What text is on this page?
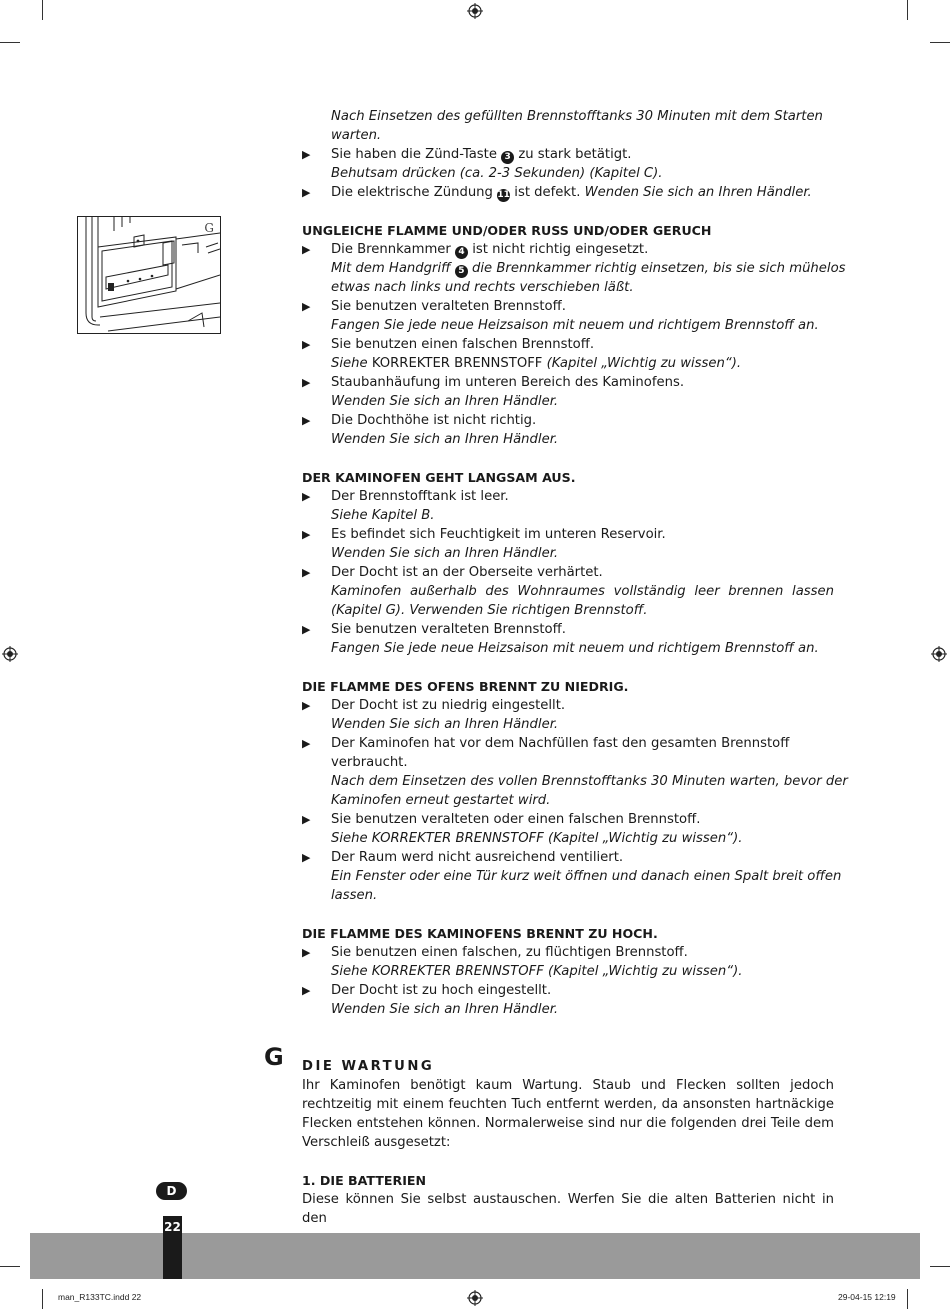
G
G
Nach Einsetzen des gefüllten Brennstofftanks 30 Minuten mit dem Starten
warten.
▶ Sie haben die Zünd-Taste 3 zu stark betätigt.
Behutsam drücken (ca. 2-3 Sekunden) (Kapitel C).
▶ Die elektrische Zündung 11 ist defekt. Wenden Sie sich an Ihren Händler.
UNGLEICHE FLAMME UND/ODER RUSS UND/ODER GERUCH
▶ Die Brennkammer 4 ist nicht richtig eingesetzt.
Mit dem Handgriff 5 die Brennkammer richtig einsetzen, bis sie sich mühelos
etwas nach links und rechts verschieben läßt.
▶ Sie benutzen veralteten Brennstoff.
Fangen Sie jede neue Heizsaison mit neuem und richtigem Brennstoff an.
▶ Sie benutzen einen falschen Brennstoff.
Siehe KORREKTER BRENNSTOFF (Kapitel „Wichtig zu wissen“).
▶ Staubanhäufung im unteren Bereich des Kaminofens.
Wenden Sie sich an Ihren Händler.
▶ Die Dochthöhe ist nicht richtig.
Wenden Sie sich an Ihren Händler.
DER KAMINOFEN GEHT LANGSAM AUS.
▶ Der Brennstofftank ist leer.
Siehe Kapitel B.
▶ Es befindet sich Feuchtigkeit im unteren Reservoir.
Wenden Sie sich an Ihren Händler.
▶ Der Docht ist an der Oberseite verhärtet.
Kaminofen außerhalb des Wohnraumes vollständig leer brennen lassen
(Kapitel G). Verwenden Sie richtigen Brennstoff.
▶ Sie benutzen veralteten Brennstoff.
Fangen Sie jede neue Heizsaison mit neuem und richtigem Brennstoff an.
DIE FLAMME DES OFENS BRENNT ZU NIEDRIG.
▶ Der Docht ist zu niedrig eingestellt.
Wenden Sie sich an Ihren Händler.
▶ Der Kaminofen hat vor dem Nachfüllen fast den gesamten Brennstoff
verbraucht.
Nach dem Einsetzen des vollen Brennstofftanks 30 Minuten warten, bevor der
Kaminofen erneut gestartet wird.
▶ Sie benutzen veralteten oder einen falschen Brennstoff.
Siehe KORREKTER BRENNSTOFF (Kapitel „Wichtig zu wissen“).
▶ Der Raum werd nicht ausreichend ventiliert.
Ein Fenster oder eine Tür kurz weit öffnen und danach einen Spalt breit offen
lassen.
DIE FLAMME DES KAMINOFENS BRENNT ZU HOCH.
▶ Sie benutzen einen falschen, zu flüchtigen Brennstoff.
Siehe KORREKTER BRENNSTOFF (Kapitel „Wichtig zu wissen“).
▶ Der Docht ist zu hoch eingestellt.
Wenden Sie sich an Ihren Händler.
DIE WARTUNG
Ihr Kaminofen benötigt kaum Wartung. Staub und Flecken sollten jedoch
rechtzeitig mit einem feuchten Tuch entfernt werden, da ansonsten hartnäckige
Flecken entstehen können. Normalerweise sind nur die folgenden drei Teile dem
Verschleiß ausgesetzt:
1. DIE BATTERIEN
Diese können Sie selbst austauschen. Werfen Sie die alten Batterien nicht in den
D
22
man_R133TC.indd 22	29-04-15 12:19
